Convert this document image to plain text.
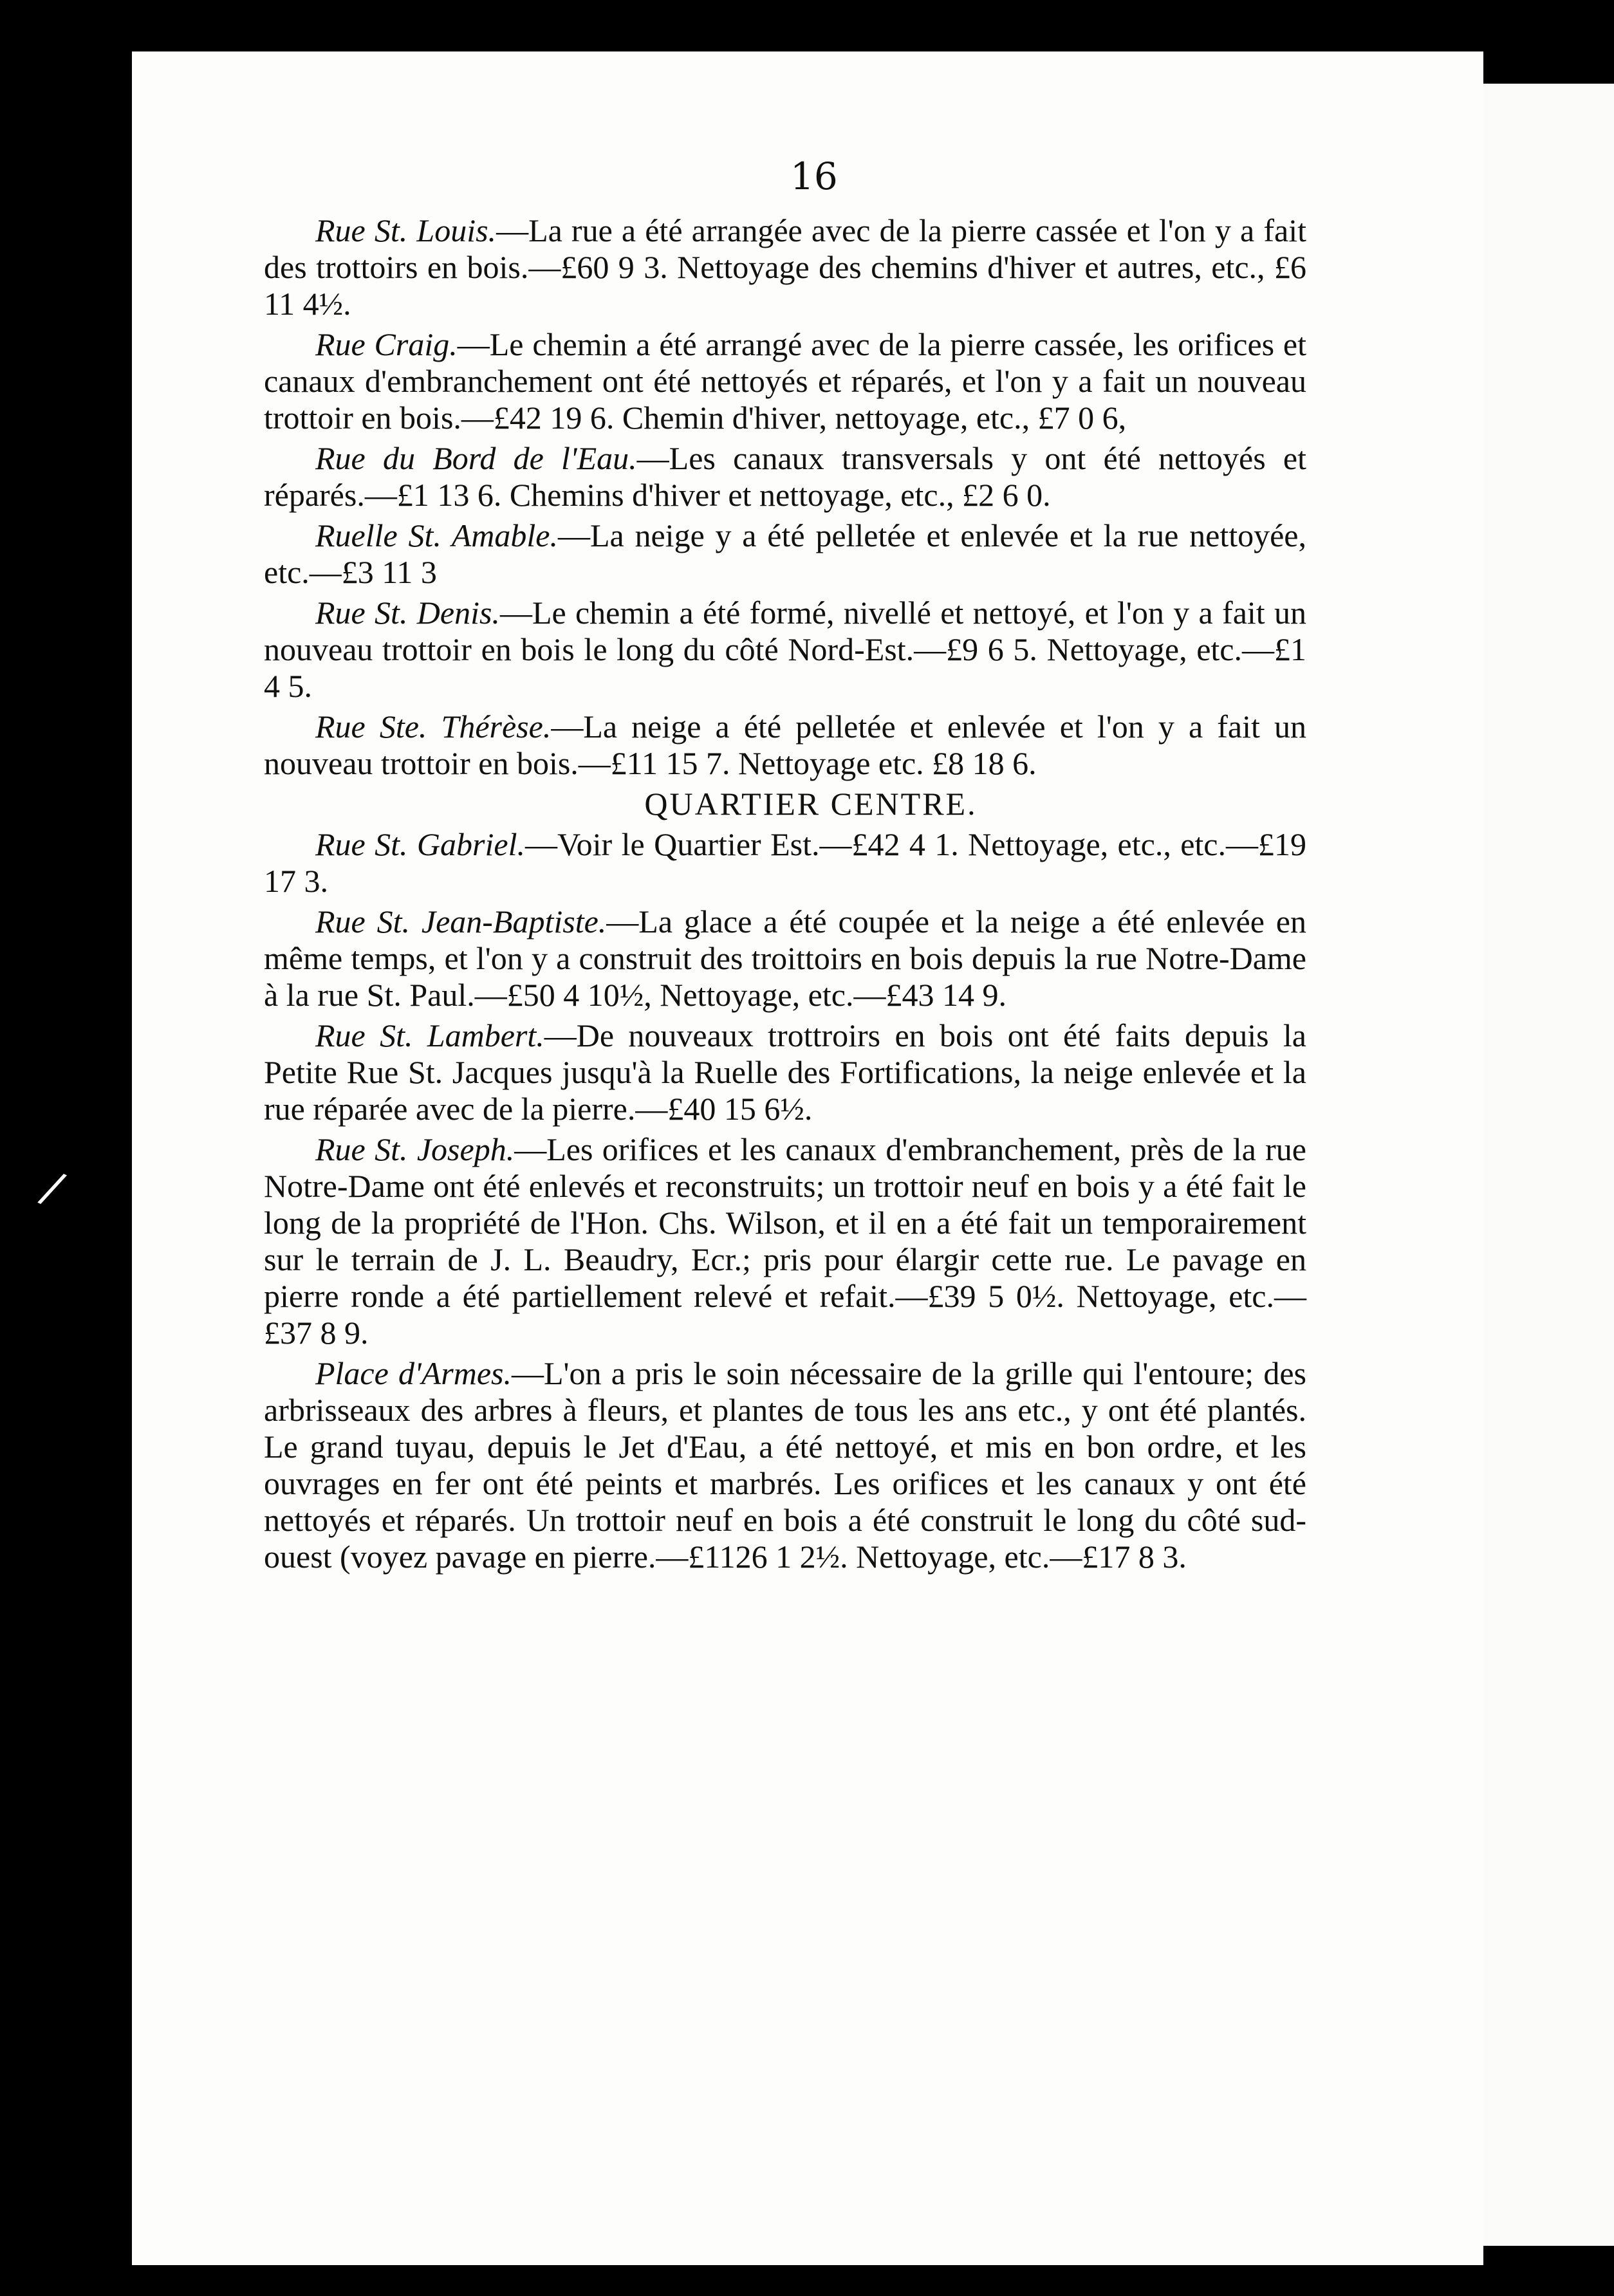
/
16

Rue St. Louis.—La rue a été arrangée avec de la pierre cassée et l'on y a fait des trottoirs en bois.—£60 9 3. Nettoyage des chemins d'hiver et autres, etc., £6 11 4½.

Rue Craig.—Le chemin a été arrangé avec de la pierre cassée, les orifices et canaux d'embranchement ont été nettoyés et réparés, et l'on y a fait un nouveau trottoir en bois.—£42 19 6. Chemin d'hiver, nettoyage, etc., £7 0 6,

Rue du Bord de l'Eau.—Les canaux transversals y ont été nettoyés et réparés.—£1 13 6. Chemins d'hiver et nettoyage, etc., £2 6 0.

Ruelle St. Amable.—La neige y a été pelletée et enlevée et la rue nettoyée, etc.—£3 11 3

Rue St. Denis.—Le chemin a été formé, nivellé et nettoyé, et l'on y a fait un nouveau trottoir en bois le long du côté Nord-Est.—£9 6 5. Nettoyage, etc.—£1 4 5.

Rue Ste. Thérèse.—La neige a été pelletée et enlevée et l'on y a fait un nouveau trottoir en bois.—£11 15 7. Nettoyage etc. £8 18 6.

QUARTIER CENTRE.

Rue St. Gabriel.—Voir le Quartier Est.—£42 4 1. Nettoyage, etc., etc.—£19 17 3.

Rue St. Jean-Baptiste.—La glace a été coupée et la neige a été enlevée en même temps, et l'on y a construit des troittoirs en bois depuis la rue Notre-Dame à la rue St. Paul.—£50 4 10½, Nettoyage, etc.—£43 14 9.

Rue St. Lambert.—De nouveaux trottroirs en bois ont été faits depuis la Petite Rue St. Jacques jusqu'à la Ruelle des Fortifications, la neige enlevée et la rue réparée avec de la pierre.—£40 15 6½.

Rue St. Joseph.—Les orifices et les canaux d'embranchement, près de la rue Notre-Dame ont été enlevés et reconstruits; un trottoir neuf en bois y a été fait le long de la propriété de l'Hon. Chs. Wilson, et il en a été fait un temporairement sur le terrain de J. L. Beaudry, Ecr.; pris pour élargir cette rue. Le pavage en pierre ronde a été partiellement relevé et refait.—£39 5 0½. Nettoyage, etc.—£37 8 9.

Place d'Armes.—L'on a pris le soin nécessaire de la grille qui l'entoure; des arbrisseaux des arbres à fleurs, et plantes de tous les ans etc., y ont été plantés. Le grand tuyau, depuis le Jet d'Eau, a été nettoyé, et mis en bon ordre, et les ouvrages en fer ont été peints et marbrés. Les orifices et les canaux y ont été nettoyés et réparés. Un trottoir neuf en bois a été construit le long du côté sud-ouest (voyez pavage en pierre.—£1126 1 2½. Nettoyage, etc.—£17 8 3.
